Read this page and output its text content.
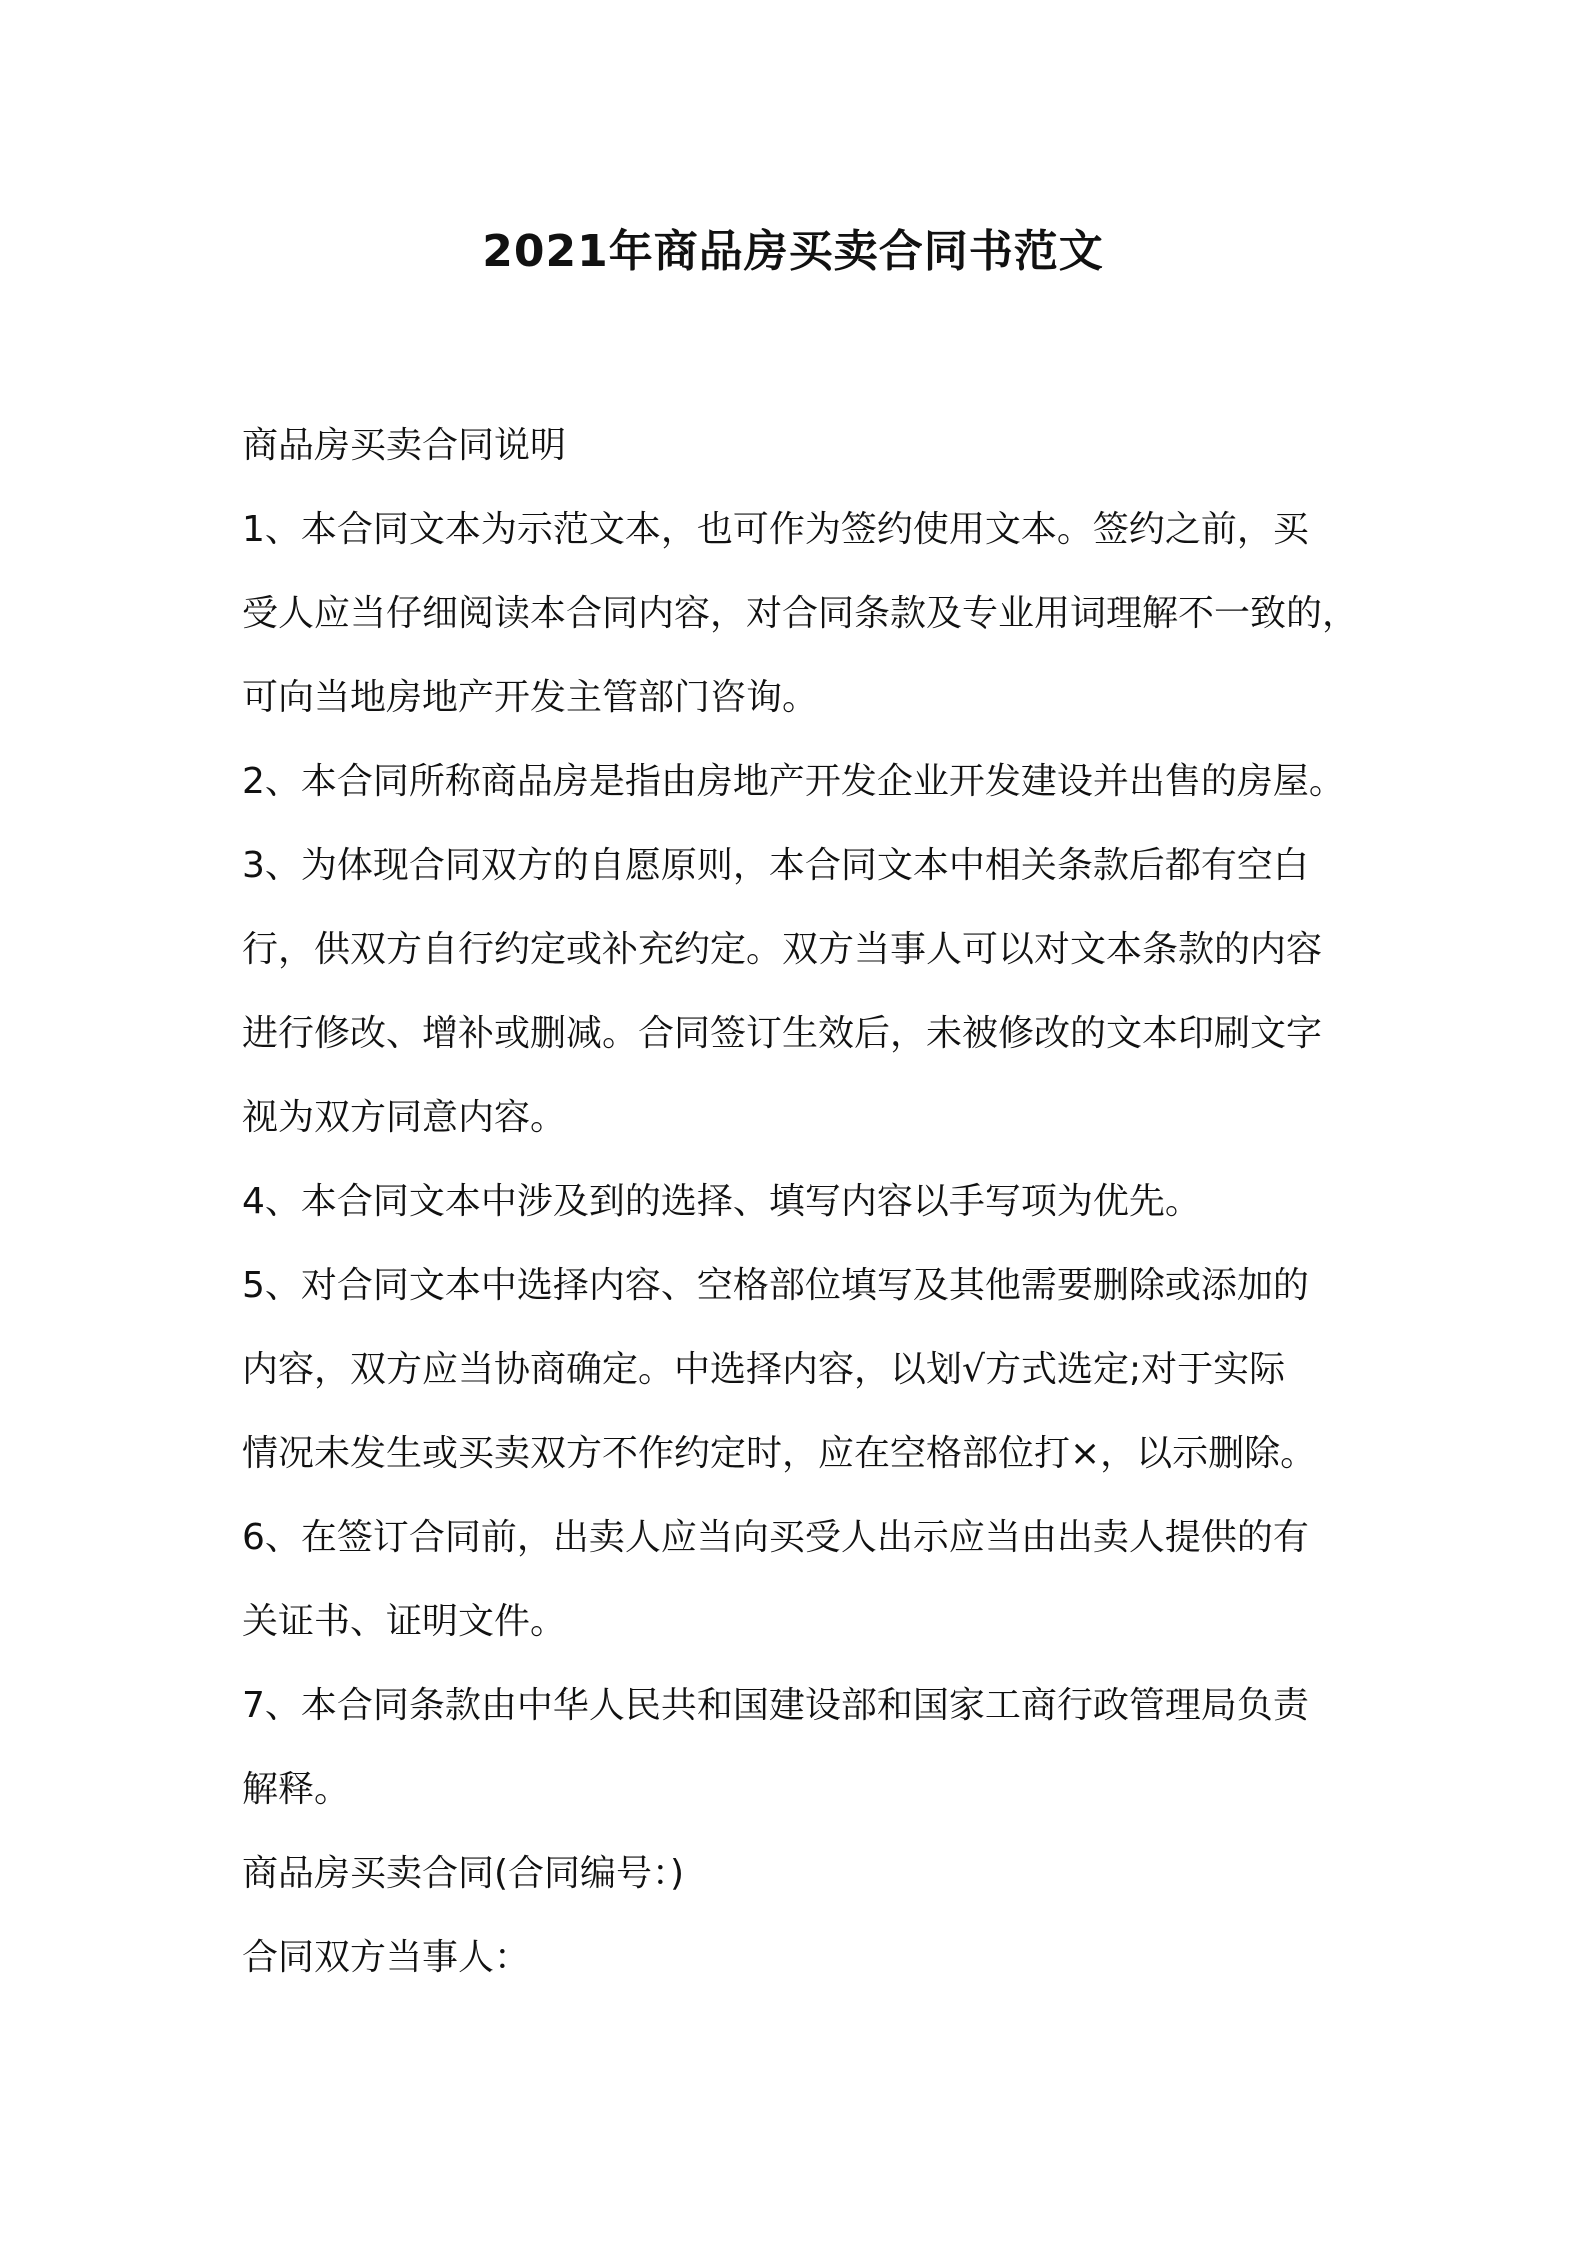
2021年商品房买卖合同书范文

商品房买卖合同说明

1、本合同文本为示范文本，也可作为签约使用文本。签约之前，买

受人应当仔细阅读本合同内容，对合同条款及专业用词理解不一致的，

可向当地房地产开发主管部门咨询。

2、本合同所称商品房是指由房地产开发企业开发建设并出售的房屋。

3、为体现合同双方的自愿原则，本合同文本中相关条款后都有空白

行，供双方自行约定或补充约定。双方当事人可以对文本条款的内容

进行修改、增补或删减。合同签订生效后，未被修改的文本印刷文字

视为双方同意内容。

4、本合同文本中涉及到的选择、填写内容以手写项为优先。

5、对合同文本中选择内容、空格部位填写及其他需要删除或添加的

内容，双方应当协商确定。中选择内容，以划√方式选定;对于实际

情况未发生或买卖双方不作约定时，应在空格部位打×，以示删除。

6、在签订合同前，出卖人应当向买受人出示应当由出卖人提供的有

关证书、证明文件。

7、本合同条款由中华人民共和国建设部和国家工商行政管理局负责

解释。

商品房买卖合同(合同编号：)

合同双方当事人：
